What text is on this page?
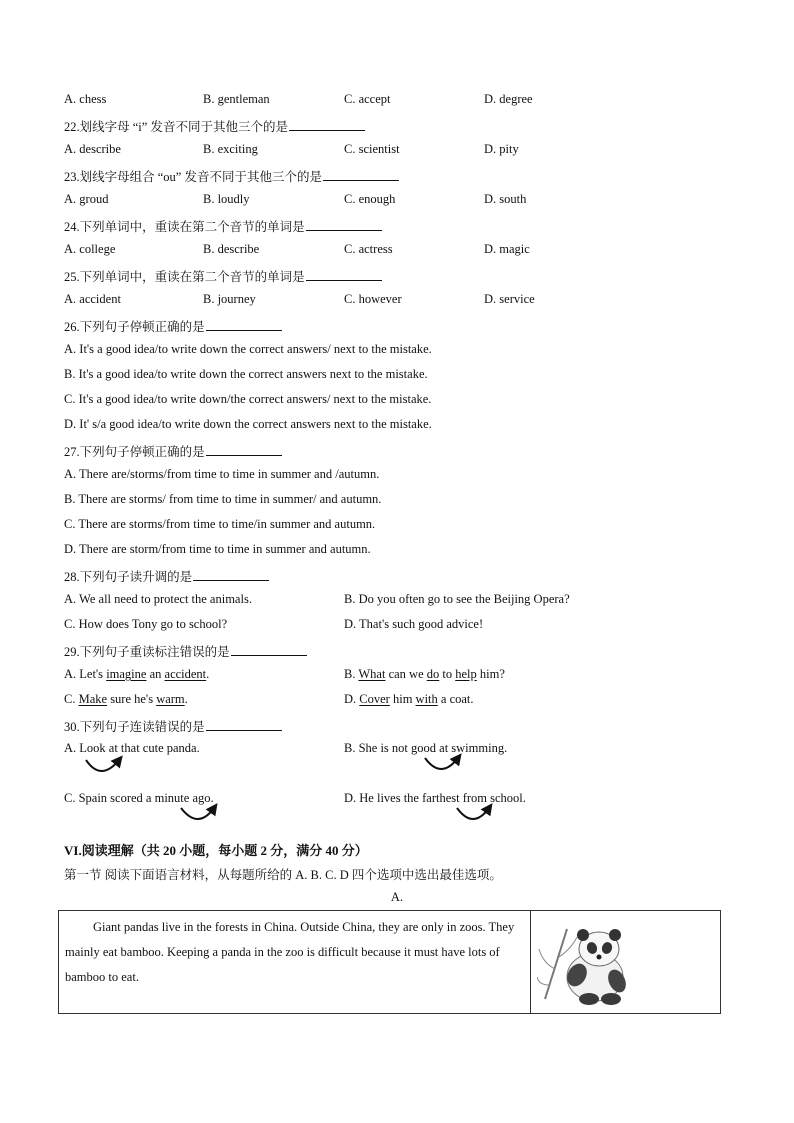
A. chess	B. gentleman	C. accept	D. degree
22.划线字母 “i” 发音不同于其他三个的是
A. describe	B. exciting	C. scientist	D. pity
23.划线字母组合 “ou” 发音不同于其他三个的是
A. groud	B. loudly	C. enough	D. south
24.下列单词中，重读在第二个音节的单词是
A. college	B. describe	C. actress	D. magic
25.下列单词中，重读在第二个音节的单词是
A. accident	B. journey	C. however	D. service
26.下列句子停顿正确的是
A. It's a good idea/to write down the correct answers/ next to the mistake.
B. It's a good idea/to write down the correct answers next to the mistake.
C. It's a good idea/to write down/the correct answers/ next to the mistake.
D. It' s/a good idea/to write down the correct answers next to the mistake.
27.下列句子停顿正确的是
A. There are/storms/from time to time in summer and /autumn.
B. There are storms/ from time to time in summer/ and autumn.
C. There are storms/from time to time/in summer and autumn.
D. There are storm/from time to time in summer and autumn.
28.下列句子读升调的是
A. We all need to protect the animals.	B. Do you often go to see the Beijing Opera?
C. How does Tony go to school?	D. That's such good advice!
29.下列句子重读标注错误的是
A. Let's imagine an accident.	B. What can we do to help him?
C. Make sure he's warm.	D. Cover him with a coat.
30.下列句子连读错误的是
A. Look at that cute panda.	B. She is not good at swimming.
C. Spain scored a minute ago.	D. He lives the farthest from school.
VI.阅读理解（共 20 小题，每小题 2 分，满分 40 分）
第一节 阅读下面语言材料，从每题所给的 A. B. C. D 四个选项中选出最佳选项。
A.
Giant pandas live in the forests in China. Outside China, they are only in zoos. They mainly eat bamboo. Keeping a panda in the zoo is difficult because it must have lots of bamboo to eat.
